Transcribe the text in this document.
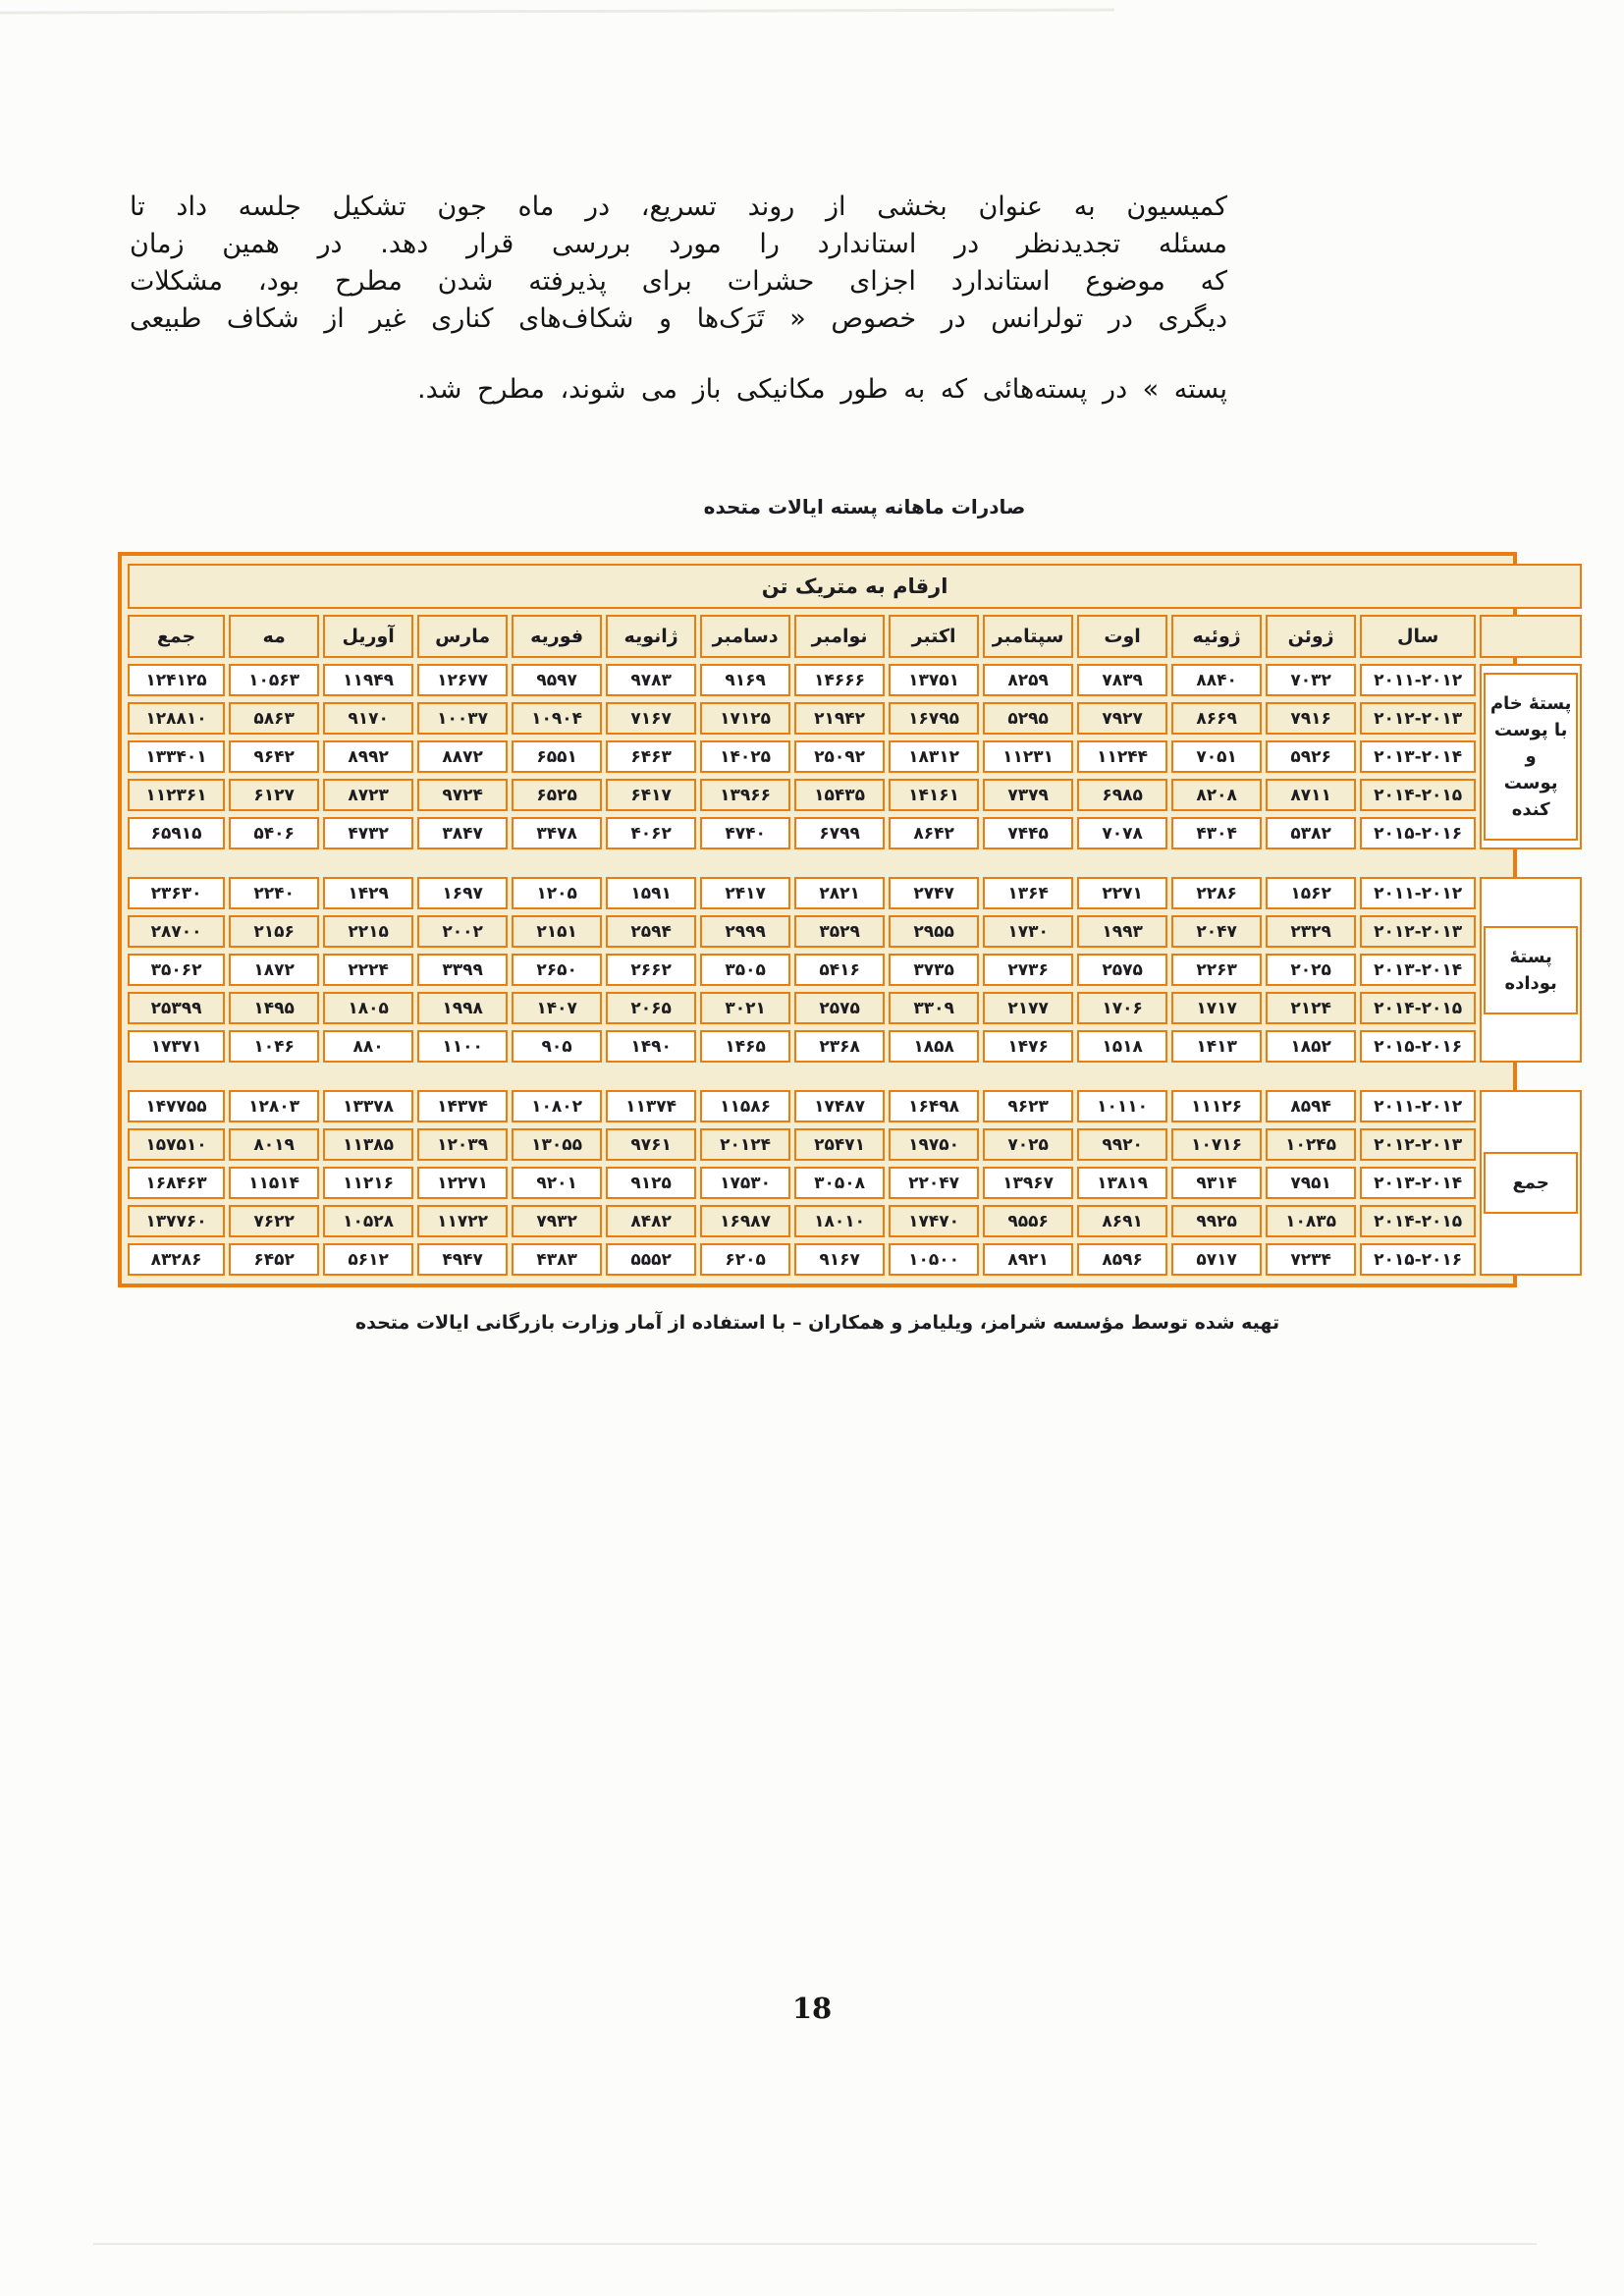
کمیسیون به عنوان بخشی از روند تسریع، در ماه جون تشکیل جلسه داد تا
مسئله تجدیدنظر در استاندارد را مورد بررسی قرار دهد. در همین زمان
که موضوع استاندارد اجزای حشرات برای پذیرفته شدن مطرح بود، مشکلات
دیگری در تولرانس در خصوص « تَرَک‌ها و شکاف‌های کناری غیر از شکاف طبیعی
پسته » در پسته‌هائی که به طور مکانیکی باز می شوند، مطرح شد.
صادرات ماهانه پسته ایالات متحده
ارقام به متریک تن														
	سال	ژوئن	ژوئیه	اوت	سپتامبر	اکتبر	نوامبر	دسامبر	ژانویه	فوریه	مارس	آوریل	مه	جمع

پستهٔ خام
با پوست و
پوست کنده	۲۰۱۱-۲۰۱۲	۷۰۳۲	۸۸۴۰	۷۸۳۹	۸۲۵۹	۱۳۷۵۱	۱۴۶۶۶	۹۱۶۹	۹۷۸۳	۹۵۹۷	۱۲۶۷۷	۱۱۹۴۹	۱۰۵۶۳	۱۲۴۱۲۵
	۲۰۱۲-۲۰۱۳	۷۹۱۶	۸۶۶۹	۷۹۲۷	۵۲۹۵	۱۶۷۹۵	۲۱۹۴۲	۱۷۱۲۵	۷۱۶۷	۱۰۹۰۴	۱۰۰۳۷	۹۱۷۰	۵۸۶۳	۱۲۸۸۱۰
	۲۰۱۳-۲۰۱۴	۵۹۲۶	۷۰۵۱	۱۱۲۴۴	۱۱۲۳۱	۱۸۳۱۲	۲۵۰۹۲	۱۴۰۲۵	۶۴۶۳	۶۵۵۱	۸۸۷۲	۸۹۹۲	۹۶۴۲	۱۳۳۴۰۱
	۲۰۱۴-۲۰۱۵	۸۷۱۱	۸۲۰۸	۶۹۸۵	۷۳۷۹	۱۴۱۶۱	۱۵۴۳۵	۱۳۹۶۶	۶۴۱۷	۶۵۲۵	۹۷۲۴	۸۷۲۳	۶۱۲۷	۱۱۲۳۶۱
	۲۰۱۵-۲۰۱۶	۵۳۸۲	۴۳۰۴	۷۰۷۸	۷۴۴۵	۸۶۴۲	۶۷۹۹	۴۷۴۰	۴۰۶۲	۳۴۷۸	۳۸۴۷	۴۷۳۲	۵۴۰۶	۶۵۹۱۵

پستهٔ
بوداده	۲۰۱۱-۲۰۱۲	۱۵۶۲	۲۲۸۶	۲۲۷۱	۱۳۶۴	۲۷۴۷	۲۸۲۱	۲۴۱۷	۱۵۹۱	۱۲۰۵	۱۶۹۷	۱۴۲۹	۲۲۴۰	۲۳۶۳۰
	۲۰۱۲-۲۰۱۳	۲۳۲۹	۲۰۴۷	۱۹۹۳	۱۷۳۰	۲۹۵۵	۳۵۲۹	۲۹۹۹	۲۵۹۴	۲۱۵۱	۲۰۰۲	۲۲۱۵	۲۱۵۶	۲۸۷۰۰
	۲۰۱۳-۲۰۱۴	۲۰۲۵	۲۲۶۳	۲۵۷۵	۲۷۳۶	۳۷۳۵	۵۴۱۶	۳۵۰۵	۲۶۶۲	۲۶۵۰	۳۳۹۹	۲۲۲۴	۱۸۷۲	۳۵۰۶۲
	۲۰۱۴-۲۰۱۵	۲۱۲۴	۱۷۱۷	۱۷۰۶	۲۱۷۷	۳۳۰۹	۲۵۷۵	۳۰۲۱	۲۰۶۵	۱۴۰۷	۱۹۹۸	۱۸۰۵	۱۴۹۵	۲۵۳۹۹
	۲۰۱۵-۲۰۱۶	۱۸۵۲	۱۴۱۳	۱۵۱۸	۱۴۷۶	۱۸۵۸	۲۳۶۸	۱۴۶۵	۱۴۹۰	۹۰۵	۱۱۰۰	۸۸۰	۱۰۴۶	۱۷۳۷۱

جمع	۲۰۱۱-۲۰۱۲	۸۵۹۴	۱۱۱۲۶	۱۰۱۱۰	۹۶۲۳	۱۶۴۹۸	۱۷۴۸۷	۱۱۵۸۶	۱۱۳۷۴	۱۰۸۰۲	۱۴۳۷۴	۱۳۳۷۸	۱۲۸۰۳	۱۴۷۷۵۵
	۲۰۱۲-۲۰۱۳	۱۰۲۴۵	۱۰۷۱۶	۹۹۲۰	۷۰۲۵	۱۹۷۵۰	۲۵۴۷۱	۲۰۱۲۴	۹۷۶۱	۱۳۰۵۵	۱۲۰۳۹	۱۱۳۸۵	۸۰۱۹	۱۵۷۵۱۰
	۲۰۱۳-۲۰۱۴	۷۹۵۱	۹۳۱۴	۱۳۸۱۹	۱۳۹۶۷	۲۲۰۴۷	۳۰۵۰۸	۱۷۵۳۰	۹۱۲۵	۹۲۰۱	۱۲۲۷۱	۱۱۲۱۶	۱۱۵۱۴	۱۶۸۴۶۳
	۲۰۱۴-۲۰۱۵	۱۰۸۳۵	۹۹۲۵	۸۶۹۱	۹۵۵۶	۱۷۴۷۰	۱۸۰۱۰	۱۶۹۸۷	۸۴۸۲	۷۹۳۲	۱۱۷۲۲	۱۰۵۲۸	۷۶۲۲	۱۳۷۷۶۰
	۲۰۱۵-۲۰۱۶	۷۲۳۴	۵۷۱۷	۸۵۹۶	۸۹۲۱	۱۰۵۰۰	۹۱۶۷	۶۲۰۵	۵۵۵۲	۴۳۸۳	۴۹۴۷	۵۶۱۲	۶۴۵۲	۸۳۲۸۶
تهیه شده توسط مؤسسه شرامز، ویلیامز و همکاران – با استفاده از آمار وزارت بازرگانی ایالات متحده
18
